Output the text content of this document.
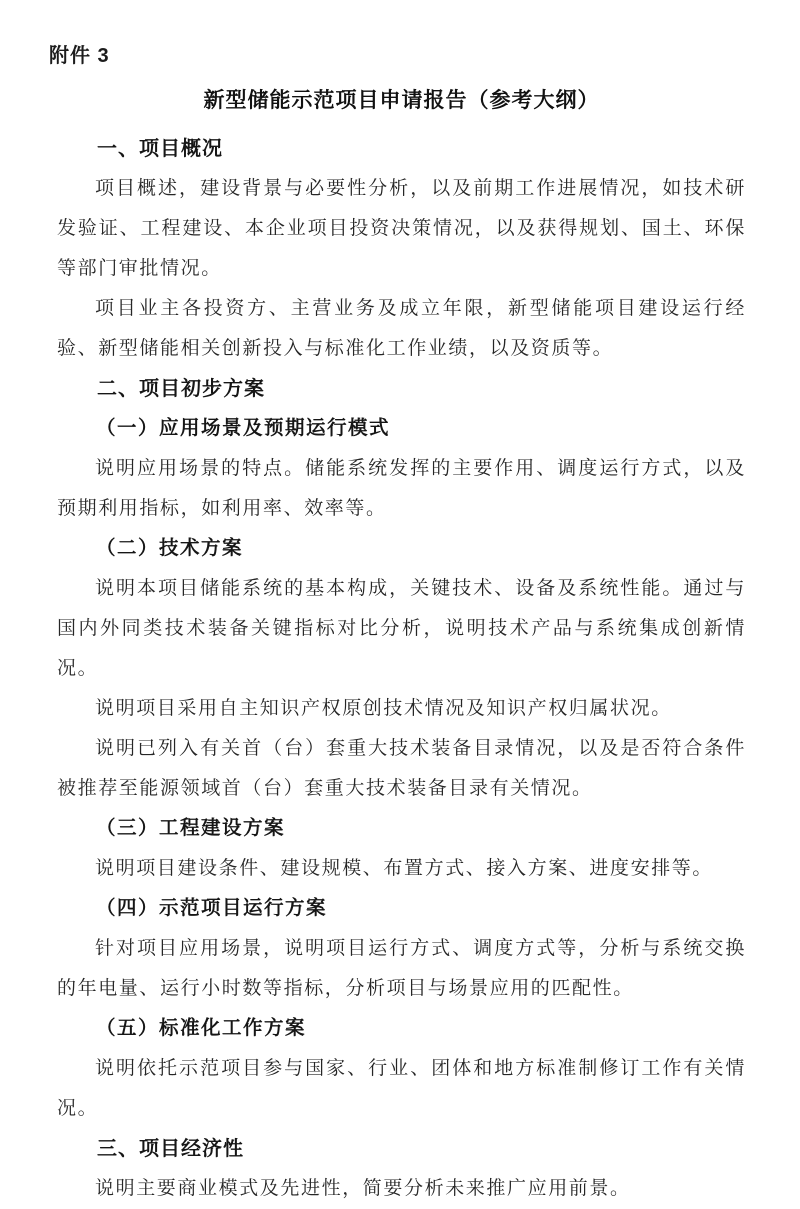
附件 3
新型储能示范项目申请报告（参考大纲）
一、项目概况
项目概述，建设背景与必要性分析，以及前期工作进展情况，如技术研发验证、工程建设、本企业项目投资决策情况，以及获得规划、国土、环保等部门审批情况。
项目业主各投资方、主营业务及成立年限，新型储能项目建设运行经验、新型储能相关创新投入与标准化工作业绩，以及资质等。
二、项目初步方案
（一）应用场景及预期运行模式
说明应用场景的特点。储能系统发挥的主要作用、调度运行方式，以及预期利用指标，如利用率、效率等。
（二）技术方案
说明本项目储能系统的基本构成，关键技术、设备及系统性能。通过与国内外同类技术装备关键指标对比分析，说明技术产品与系统集成创新情况。
说明项目采用自主知识产权原创技术情况及知识产权归属状况。
说明已列入有关首（台）套重大技术装备目录情况，以及是否符合条件被推荐至能源领域首（台）套重大技术装备目录有关情况。
（三）工程建设方案
说明项目建设条件、建设规模、布置方式、接入方案、进度安排等。
（四）示范项目运行方案
针对项目应用场景，说明项目运行方式、调度方式等，分析与系统交换的年电量、运行小时数等指标，分析项目与场景应用的匹配性。
（五）标准化工作方案
说明依托示范项目参与国家、行业、团体和地方标准制修订工作有关情况。
三、项目经济性
说明主要商业模式及先进性，简要分析未来推广应用前景。
